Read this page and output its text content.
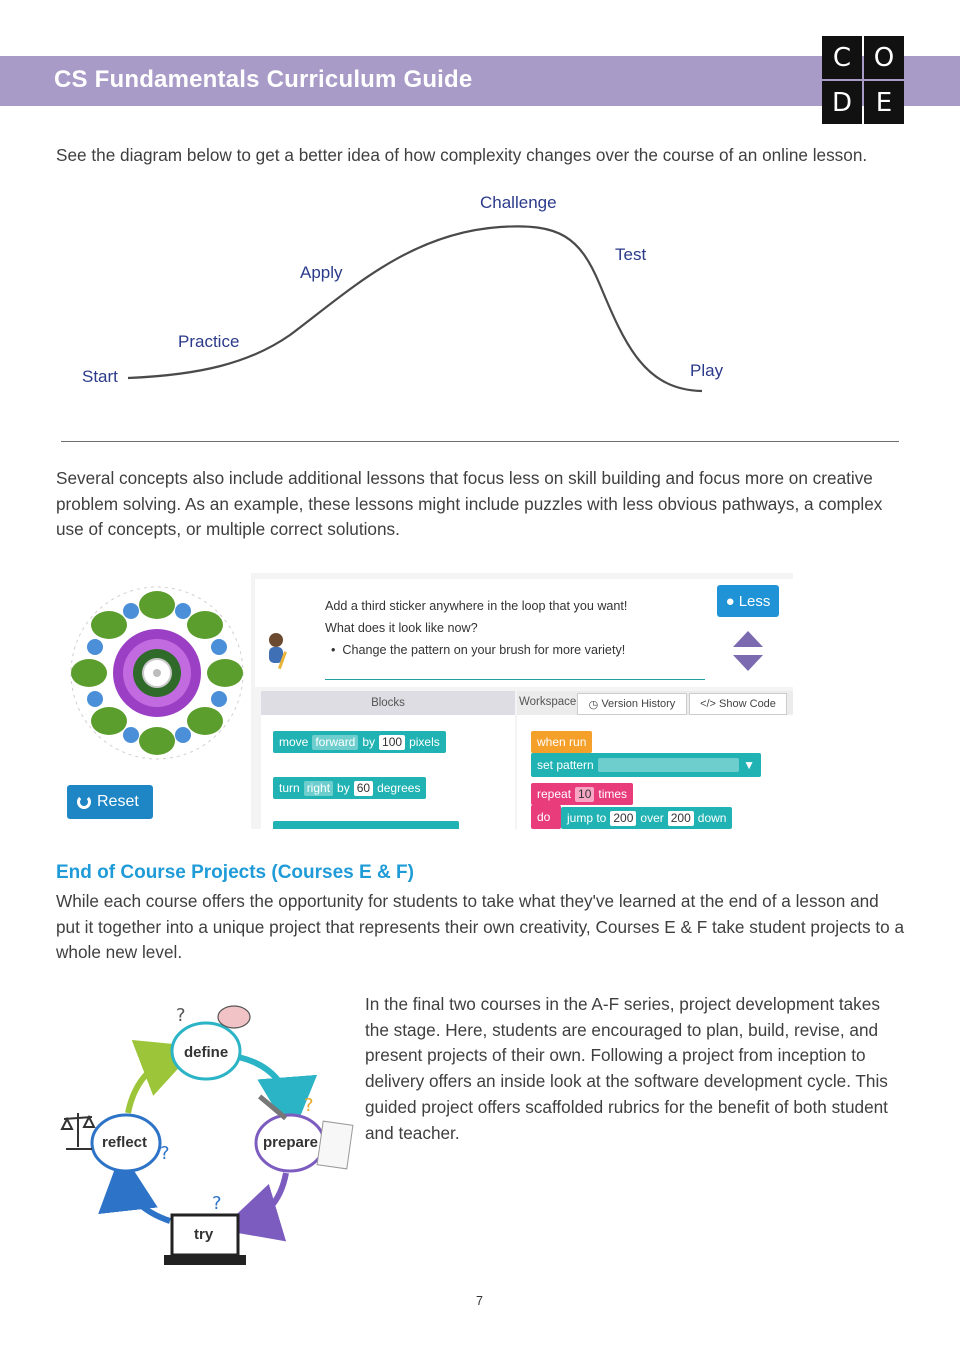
CS Fundamentals Curriculum Guide
C O
D E
See the diagram below to get a better idea of how complexity changes over the course of an online lesson.
Start
Practice
Apply
Challenge
Test
Play
Several concepts also include additional lessons that focus less on skill building and focus more on creative problem solving. As an example, these lessons might include puzzles with less obvious pathways, a complex use of concepts, or multiple correct solutions.
Reset
Add a third sticker anywhere in the loop that you want!
What does it look like now?
•  Change the pattern on your brush for more variety!
● Less
Blocks	Workspace ◷ Version History </> Show Code
move forward by 100 pixels
turn right by 60 degrees
when run
set pattern	▼
repeat 10 times
do	jump to 200 over 200 down
End of Course Projects (Courses E & F)
While each course offers the opportunity for students to take what they've learned at the end of a lesson and put it together into a unique project that represents their own creativity, Courses E & F take student projects to a whole new level.
?
define
?
prepare
?
try
?
reflect
In the final two courses in the A-F series, project development takes the stage. Here, students are encouraged to plan, build, revise, and present projects of their own. Following a project from inception to delivery offers an inside look at the software development cycle. This guided project offers scaffolded rubrics for the benefit of both student and teacher.
7
